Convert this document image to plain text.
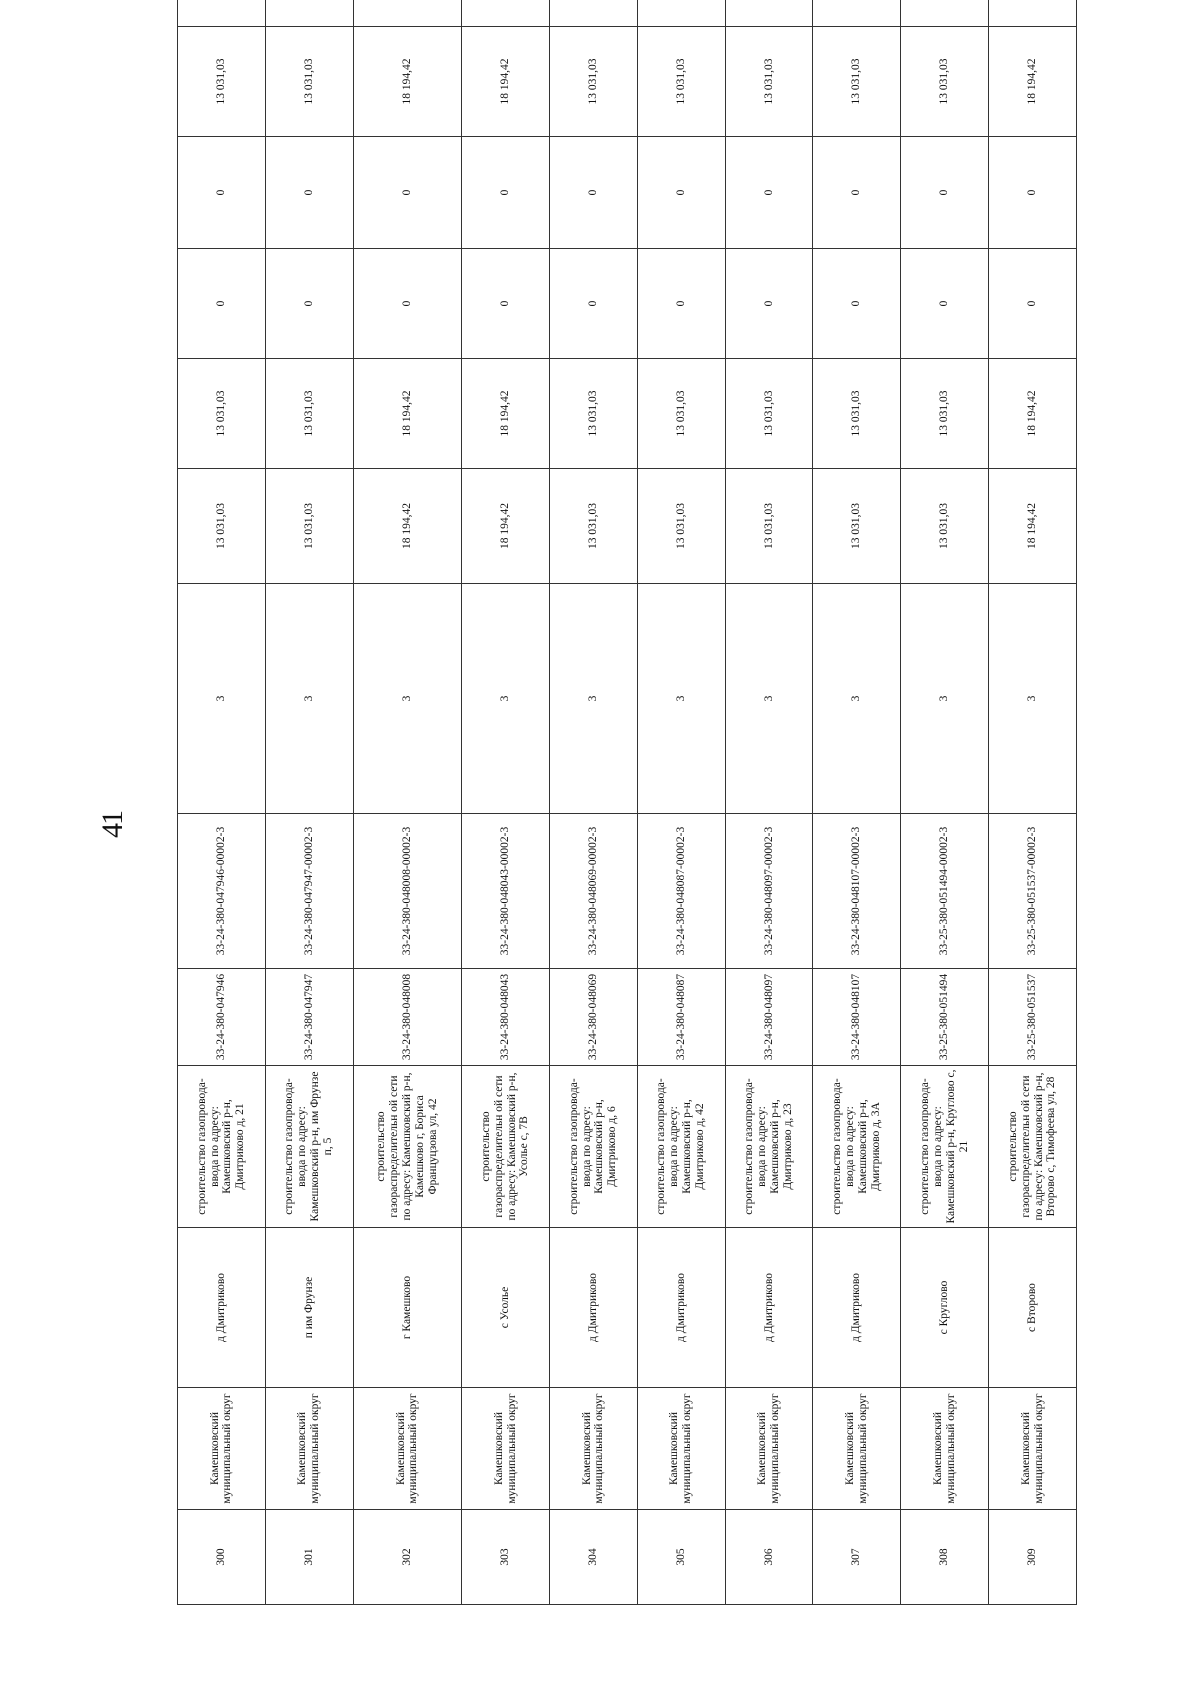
41
300	Камешковский муниципальный округ	д Дмитриково	строительство газопровода-ввода по адресу: Камешковский р-н, Дмитриково д, 21	33-24-380-047946	33-24-380-047946-00002-3	3	13 031,03	13 031,03	0	0	13 031,03	
301	Камешковский муниципальный округ	п им Фрунзе	строительство газопровода-ввода по адресу: Камешковский р-н, им Фрунзе п, 5	33-24-380-047947	33-24-380-047947-00002-3	3	13 031,03	13 031,03	0	0	13 031,03	
302	Камешковский муниципальный округ	г Камешково	строительство газораспределительн ой сети по адресу: Камешковский р-н, Камешково г, Бориса Француцзова ул, 42	33-24-380-048008	33-24-380-048008-00002-3	3	18 194,42	18 194,42	0	0	18 194,42	
303	Камешковский муниципальный округ	с Усолье	строительство газораспределительн ой сети по адресу: Камешковский р-н, Усолье с, 7В	33-24-380-048043	33-24-380-048043-00002-3	3	18 194,42	18 194,42	0	0	18 194,42	
304	Камешковский муниципальный округ	д Дмитриково	строительство газопровода-ввода по адресу: Камешковский р-н, Дмитриково д, 6	33-24-380-048069	33-24-380-048069-00002-3	3	13 031,03	13 031,03	0	0	13 031,03	
305	Камешковский муниципальный округ	д Дмитриково	строительство газопровода-ввода по адресу: Камешковский р-н, Дмитриково д, 42	33-24-380-048087	33-24-380-048087-00002-3	3	13 031,03	13 031,03	0	0	13 031,03	
306	Камешковский муниципальный округ	д Дмитриково	строительство газопровода-ввода по адресу: Камешковский р-н, Дмитриково д, 23	33-24-380-048097	33-24-380-048097-00002-3	3	13 031,03	13 031,03	0	0	13 031,03	
307	Камешковский муниципальный округ	д Дмитриково	строительство газопровода-ввода по адресу: Камешковский р-н, Дмитриково д, 3А	33-24-380-048107	33-24-380-048107-00002-3	3	13 031,03	13 031,03	0	0	13 031,03	
308	Камешковский муниципальный округ	с Круглово	строительство газопровода-ввода по адресу: Камешковский р-н, Круглово с, 21	33-25-380-051494	33-25-380-051494-00002-3	3	13 031,03	13 031,03	0	0	13 031,03	
309	Камешковский муниципальный округ	с Второво	строительство газораспределительн ой сети по адресу: Камешковский р-н, Второво с, Тимофеева ул, 28	33-25-380-051537	33-25-380-051537-00002-3	3	18 194,42	18 194,42	0	0	18 194,42	
